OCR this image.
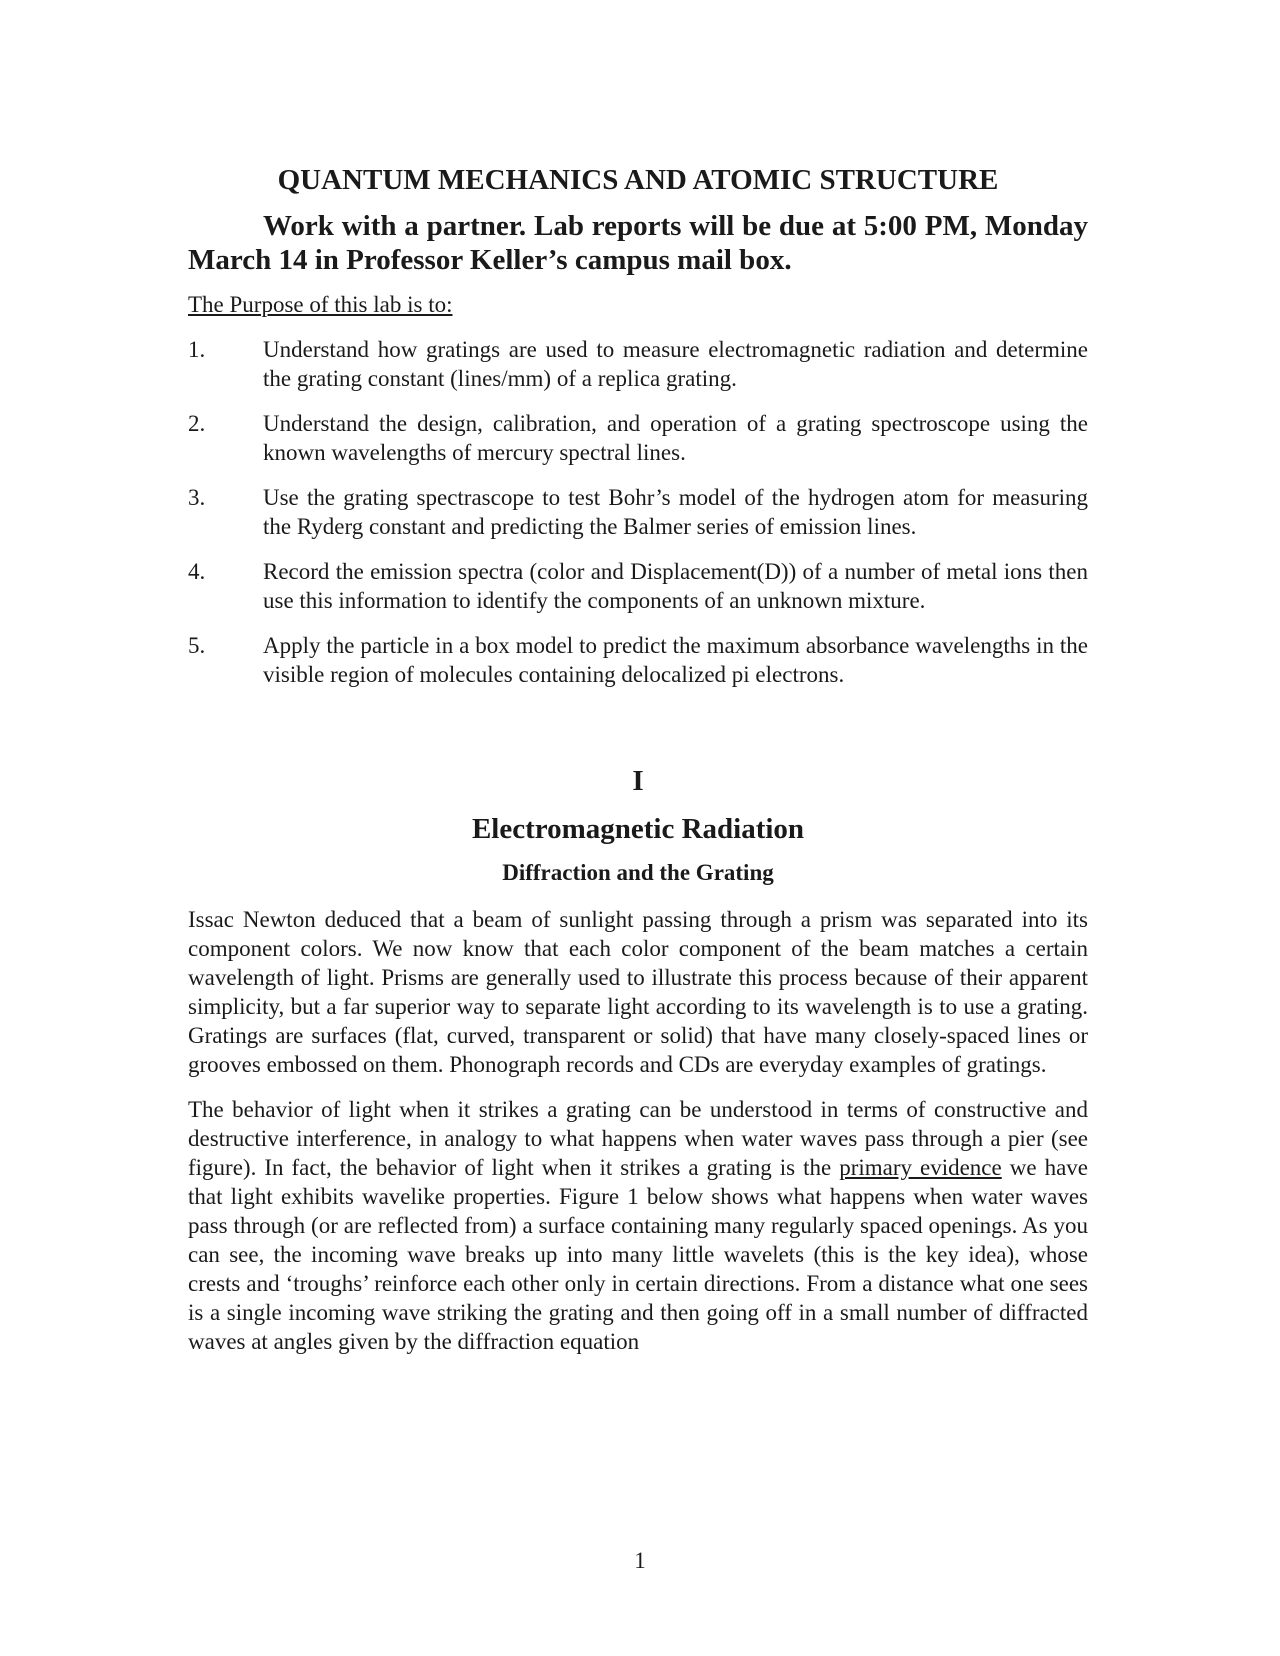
QUANTUM MECHANICS AND ATOMIC STRUCTURE

Work with a partner. Lab reports will be due at 5:00 PM, Monday March 14 in Professor Keller’s campus mail box.

The Purpose of this lab is to:

1.	Understand how gratings are used to measure electromagnetic radiation and determine the grating constant (lines/mm) of a replica grating.
2.	Understand the design, calibration, and operation of a grating spectroscope using the known wavelengths of mercury spectral lines.
3.	Use the grating spectrascope to test Bohr’s model of the hydrogen atom for measuring the Ryderg constant and predicting the Balmer series of emission lines.
4.	Record the emission spectra (color and Displacement(D)) of a number of metal ions then use this information to identify the components of an unknown mixture.
5.	Apply the particle in a box model to predict the maximum absorbance wavelengths in the visible region of molecules containing delocalized pi electrons.
I
Electromagnetic Radiation
Diffraction and the Grating

Issac Newton deduced that a beam of sunlight passing through a prism was separated into its component colors. We now know that each color component of the beam matches a certain wavelength of light. Prisms are generally used to illustrate this process because of their apparent simplicity, but a far superior way to separate light according to its wavelength is to use a grating. Gratings are surfaces (flat, curved, transparent or solid) that have many closely-spaced lines or grooves embossed on them. Phonograph records and CDs are everyday examples of gratings.

The behavior of light when it strikes a grating can be understood in terms of constructive and destructive interference, in analogy to what happens when water waves pass through a pier (see figure). In fact, the behavior of light when it strikes a grating is the primary evidence we have that light exhibits wavelike properties. Figure 1 below shows what happens when water waves pass through (or are reflected from) a surface containing many regularly spaced openings. As you can see, the incoming wave breaks up into many little wavelets (this is the key idea), whose crests and ‘troughs’ reinforce each other only in certain directions. From a distance what one sees is a single incoming wave striking the grating and then going off in a small number of diffracted waves at angles given by the diffraction equation

1
